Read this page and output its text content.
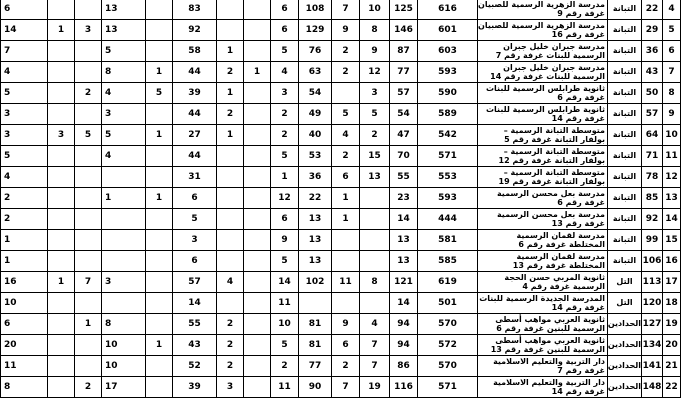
6			13		83			6	108	7	10	125	616	مدرسة الزهرية الرسمية للصبيان غرفة رقم 9	التبانة	22	4
14	1	3	13		92			6	129	9	8	146	601	مدرسة الزهرية الرسمية للصبيان غرفة رقم 16	التبانة	29	5
7			5		58	1		5	76	2	9	87	603	مدرسة جبران خليل جبران الرسمية للبنات غرفة رقم 7	التبانة	36	6
4			8	1	44	2	1	4	63	2	12	77	593	مدرسة جبران خليل جبران الرسمية للبنات غرفة رقم 14	التبانة	43	7
5		2	4	5	39	1		3	54		3	57	590	ثانوية طرابلس الرسمية للبنات غرفة رقم 6	التبانة	50	8
3			3		44	2		2	49	5	5	54	589	ثانوية طرابلس الرسمية للبنات غرفة رقم 14	التبانة	57	9
3	3	5	5	1	27	1		2	40	4	2	47	542	متوسطة التبانة الرسمية – بولفار التبانة غرفة رقم 5	التبانة	64	10
5			4		44			5	53	2	15	70	571	متوسطة التبانة الرسمية – بولفار التبانة غرفة رقم 12	التبانة	71	11
4					31			1	36	6	13	55	553	متوسطة التبانة الرسمية – بولفار التبانة غرفة رقم 19	التبانة	78	12
2			1	1	6			12	22	1		23	593	مدرسة بعل محسن الرسمية غرفة رقم 6	التبانة	85	13
2					5			6	13	1		14	444	مدرسة بعل محسن الرسمية غرفة رقم 13	التبانة	92	14
1					3			9	13			13	581	مدرسة لقمان الرسمية المختلطة غرفة رقم 6	التبانة	99	15
1					6			5	13			13	585	مدرسة لقمان الرسمية المختلطة غرفة رقم 13	التبانة	106	16
16	1	7	3		57	4		14	102	11	8	121	619	ثانوية المربي حسن الحجة الرسمية غرفة رقم 4	التل	113	17
10					14			11				14	501	المدرسة الجديدة الرسمية للبنات غرفة رقم 14	التل	120	18
6		1	8		55	2		10	81	9	4	94	570	ثانوية العربي مواهب أسطى الرسمية للبنين غرفة رقم 6	الحدادين	127	19
20			10	1	43	2		5	81	6	7	94	572	ثانوية العربي مواهب أسطى الرسمية للبنين غرفة رقم 13	الحدادين	134	20
11			10		52	2		2	77	2	7	86	570	دار التربية والتعليم الاسلامية غرفة رقم 7	الحدادين	141	21
8		2	17		39	3		11	90	7	19	116	571	دار التربية والتعليم الاسلامية غرفة رقم 14	الحدادين	148	22
